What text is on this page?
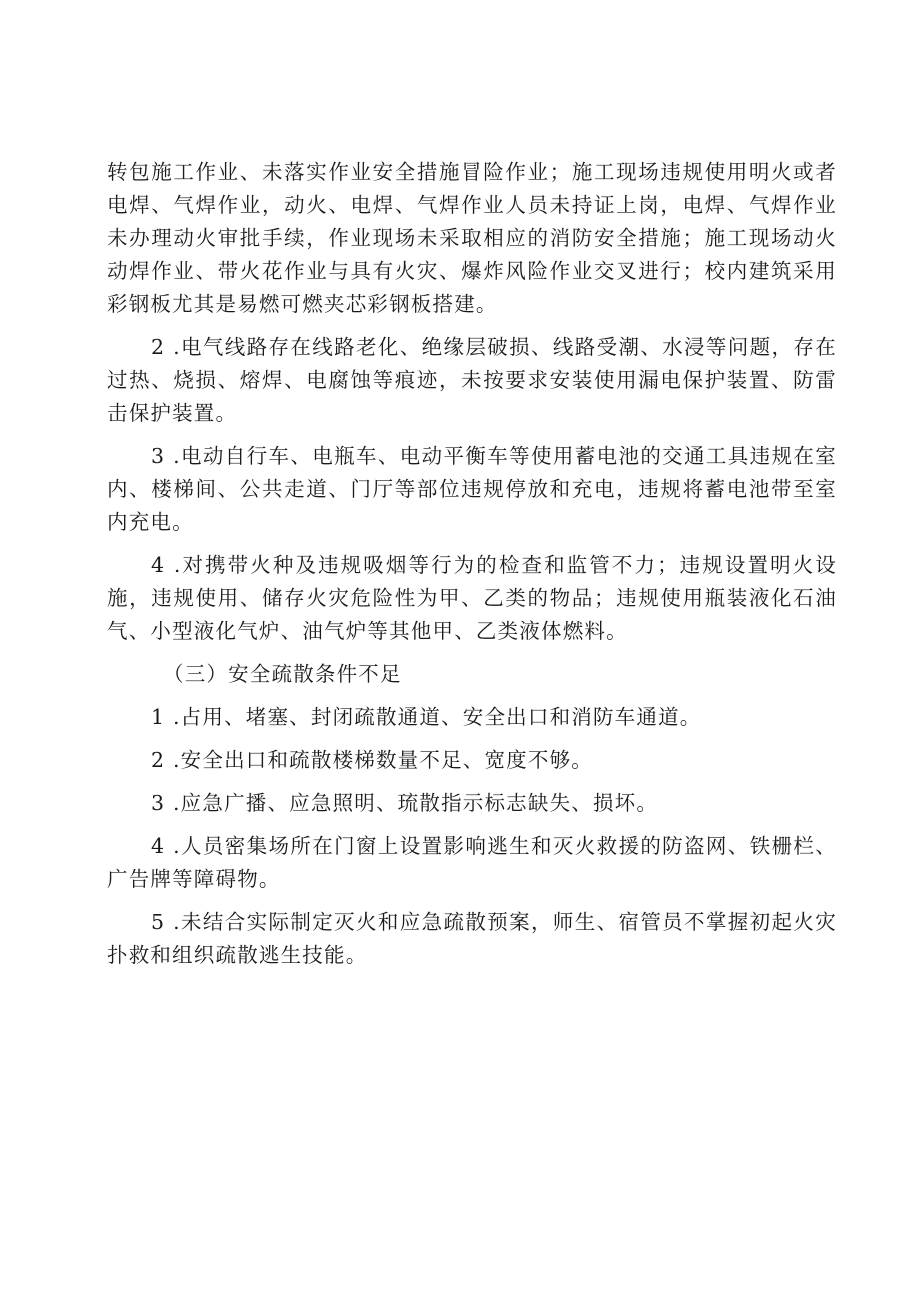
转包施工作业、未落实作业安全措施冒险作业；施工现场违规使用明火或者电焊、气焊作业，动火、电焊、气焊作业人员未持证上岗，电焊、气焊作业未办理动火审批手续，作业现场未采取相应的消防安全措施；施工现场动火动焊作业、带火花作业与具有火灾、爆炸风险作业交叉进行；校内建筑采用彩钢板尤其是易燃可燃夹芯彩钢板搭建。

2 .电气线路存在线路老化、绝缘层破损、线路受潮、水浸等问题，存在过热、烧损、熔焊、电腐蚀等痕迹，未按要求安装使用漏电保护装置、防雷击保护装置。

3 .电动自行车、电瓶车、电动平衡车等使用蓄电池的交通工具违规在室内、楼梯间、公共走道、门厅等部位违规停放和充电，违规将蓄电池带至室内充电。

4 .对携带火种及违规吸烟等行为的检查和监管不力；违规设置明火设施，违规使用、储存火灾危险性为甲、乙类的物品；违规使用瓶装液化石油气、小型液化气炉、油气炉等其他甲、乙类液体燃料。

（三）安全疏散条件不足

1 .占用、堵塞、封闭疏散通道、安全出口和消防车通道。

2 .安全出口和疏散楼梯数量不足、宽度不够。

3 .应急广播、应急照明、琉散指示标志缺失、损坏。

4 .人员密集场所在门窗上设置影响逃生和灭火救援的防盗网、铁栅栏、广告牌等障碍物。

5 .未结合实际制定灭火和应急疏散预案，师生、宿管员不掌握初起火灾扑救和组织疏散逃生技能。
